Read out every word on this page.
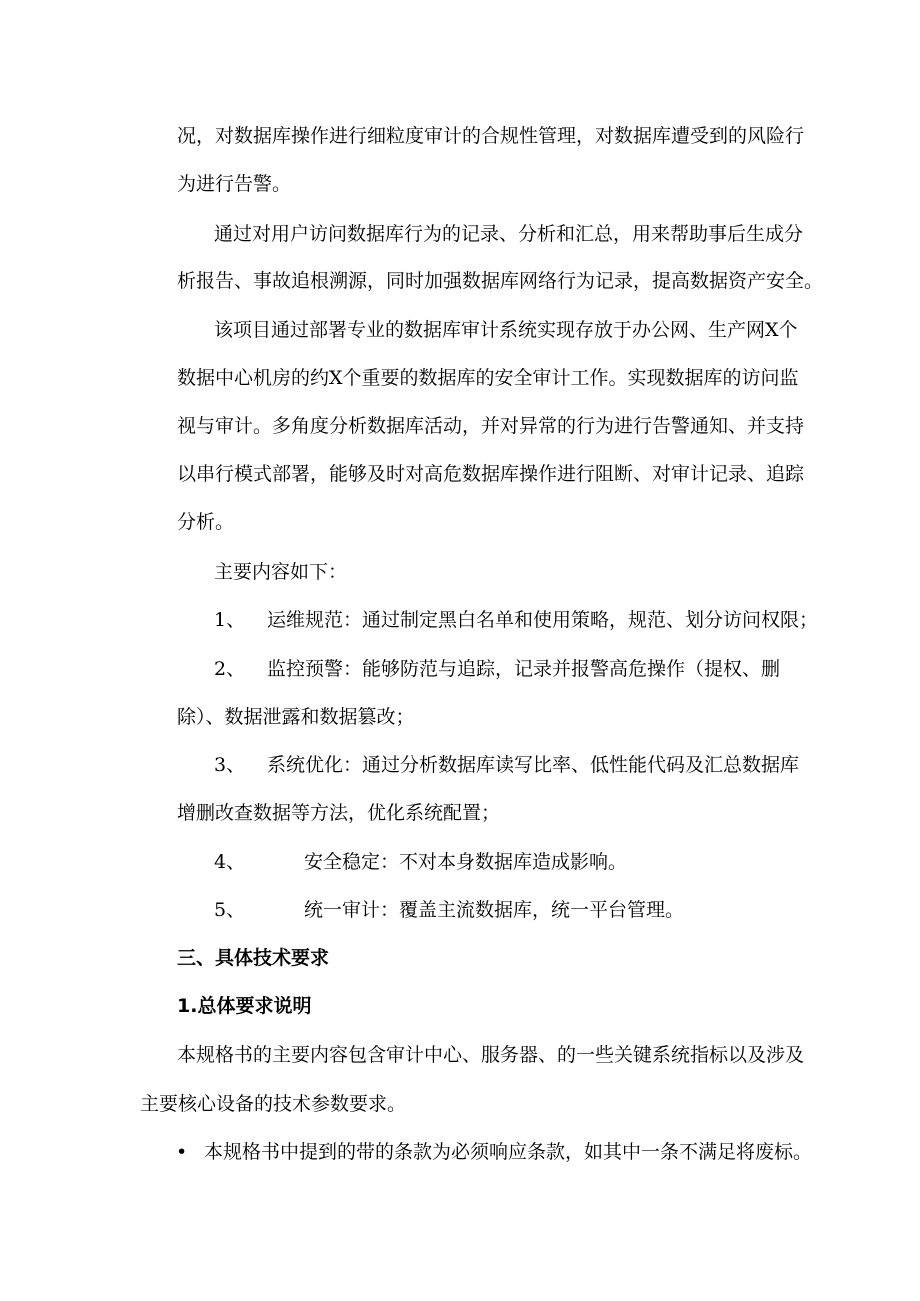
况，对数据库操作进行细粒度审计的合规性管理，对数据库遭受到的风险行

为进行告警。

通过对用户访问数据库行为的记录、分析和汇总，用来帮助事后生成分

析报告、事故追根溯源，同时加强数据库网络行为记录，提高数据资产安全。

该项目通过部署专业的数据库审计系统实现存放于办公网、生产网X个

数据中心机房的约X个重要的数据库的安全审计工作。实现数据库的访问监

视与审计。多角度分析数据库活动，并对异常的行为进行告警通知、并支持

以串行模式部署，能够及时对高危数据库操作进行阻断、对审计记录、追踪

分析。

主要内容如下：

1、 运维规范：通过制定黑白名单和使用策略，规范、划分访问权限；

2、 监控预警：能够防范与追踪，记录并报警高危操作（提权、删

除）、数据泄露和数据篡改；

3、 系统优化：通过分析数据库读写比率、低性能代码及汇总数据库

增删改查数据等方法，优化系统配置；

4、	安全稳定：不对本身数据库造成影响。

5、	统一审计：覆盖主流数据库，统一平台管理。

三、具体技术要求

1.总体要求说明

本规格书的主要内容包含审计中心、服务器、的一些关键系统指标以及涉及

主要核心设备的技术参数要求。

• 本规格书中提到的带的条款为必须响应条款，如其中一条不满足将废标。
